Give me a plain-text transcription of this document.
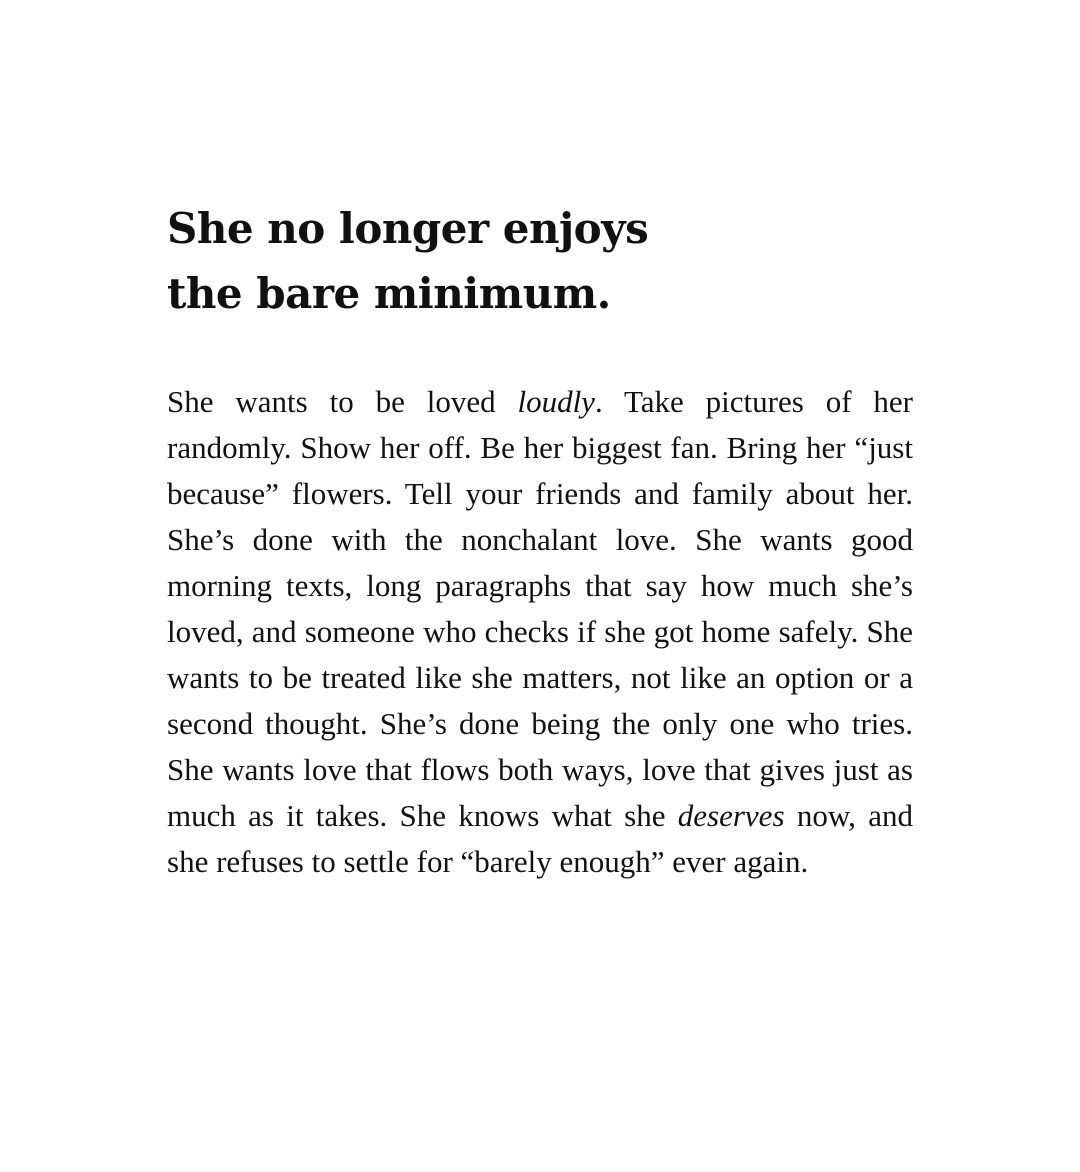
She no longer enjoys
the bare minimum.

She wants to be loved loudly. Take pictures of her randomly. Show her off. Be her biggest fan. Bring her “just because” flowers. Tell your friends and family about her. She’s done with the nonchalant love. She wants good morning texts, long paragraphs that say how much she’s loved, and someone who checks if she got home safely. She wants to be treated like she matters, not like an option or a second thought. She’s done being the only one who tries. She wants love that flows both ways, love that gives just as much as it takes. She knows what she deserves now, and she refuses to settle for “barely enough” ever again.
